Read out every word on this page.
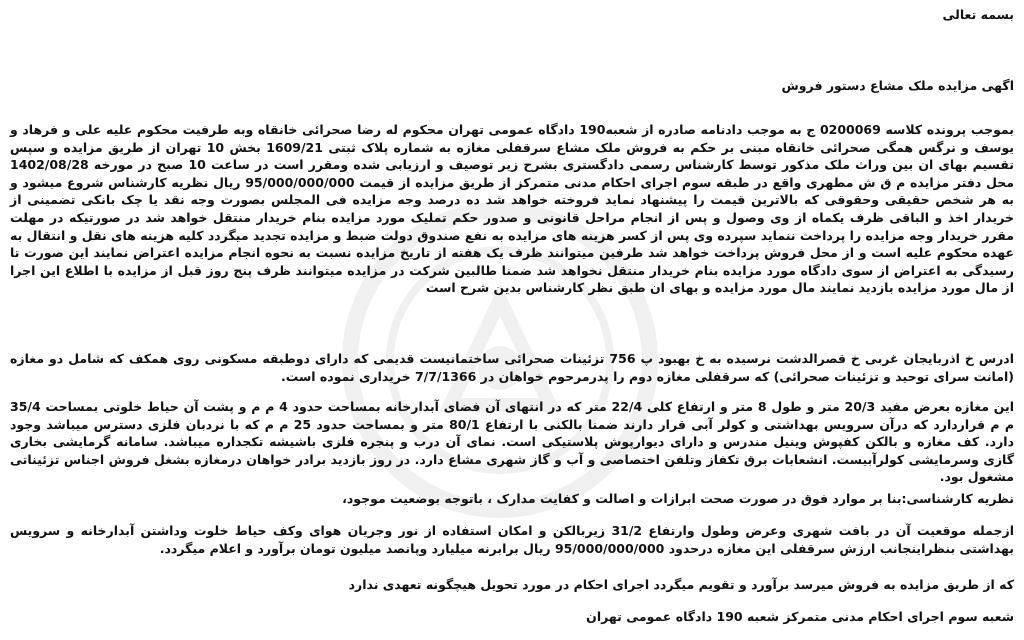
بسمه تعالی
اگهی مزایده ملک مشاع دستور فروش
بموجب پرونده کلاسه 0200069 ج به موجب دادنامه صادره از شعبه190 دادگاه عمومی تهران محکوم له رضا صحرائی خانقاه وبه طرفیت محکوم علیه علی و فرهاد و یوسف و نرگس همگی صحرائی خانقاه مبنی بر حکم به فروش ملک مشاع سرقفلی مغازه به شماره پلاک ثبتی 1609/21 بخش 10 تهران از طریق مزایده و سپس تقسیم بهای ان بین وراث ملک مذکور توسط کارشناس رسمی دادگستری بشرح زیر توصیف و ارزیابی شده ومقرر است در ساعت 10 صبح در مورخه 1402/08/28 محل دفتر مزایده م ق ش مطهری واقع در طبقه سوم اجرای احکام مدنی متمرکز از طریق مزایده از قیمت 95/000/000/000 ریال نظریه کارشناس شروع میشود و به هر شخص حقیقی وحقوقی که بالاترین قیمت را پیشنهاد نماید فروخته خواهد شد ده درصد وجه مزایده فی المجلس بصورت وجه نقد یا چک بانکی تضمینی از خریدار اخذ و الباقی ظرف یکماه از وی وصول و پس از انجام مراحل قانونی و صدور حکم تملیک مورد مزایده بنام خریدار منتقل خواهد شد در صورتیکه در مهلت مقرر خریدار وجه مزایده را پرداخت ننماید سپرده وی پس از کسر هزینه های مزایده به نفع صندوق دولت ضبط و مزایده تجدید میگردد کلیه هزینه های نقل و انتقال به عهده محکوم علیه است و از محل فروش پرداخت خواهد شد طرفین میتوانند ظرف یک هفته از تاریخ مزایده نسبت به نحوه انجام مزایده اعتراض نمایند این صورت تا رسیدگی به اعتراض از سوی دادگاه مورد مزایده بنام خریدار منتقل نخواهد شد ضمنا طالبین شرکت در مزایده میتوانند ظرف پنج روز قبل از مزایده با اطلاع این اجرا از مال مورد مزایده بازدید نمایند مال مورد مزایده و بهای ان طبق نظر کارشناس بدین شرح است
ادرس خ اذربایجان غربی خ قصرالدشت نرسیده به خ بهبود پ 756 تزئینات صحرائی ساختمانیست قدیمی که دارای دوطبقه مسکونی روی همکف که شامل دو مغازه (امانت سرای توحید و تزئینات صحرائی) که سرقفلی مغازه دوم را پدرمرحوم خواهان در 7/7/1366 خریداری نموده است.
این مغازه بعرض مفید 20/3 متر و طول 8 متر و ارتفاع کلی 22/4 متر که در انتهای آن فضای آبدارخانه بمساحت حدود 4 م م و پشت آن حیاط خلوتی بمساحت 35/4 م م قراردارد که درآن سرویس بهداشتی و کولر آبی قرار دارند ضمنا بالکنی با ارتفاع 80/1 متر و بمساحت حدود 25 م م که با نردبان فلزی دسترس میباشد وجود دارد. کف مغازه و بالکن کفپوش وینیل مندرس و دارای دیوارپوش پلاستیکی است. نمای آن درب و پنجره فلزی باشیشه تکجداره میباشد. سامانه گرمایشی بخاری گازی وسرمایشی کولرآبیست. انشعابات برق تکفاز وتلفن اختصاصی و آب و گاز شهری مشاع دارد. در روز بازدید برادر خواهان درمغازه بشغل فروش اجناس تزئیناتی مشغول بود.
نظریه کارشناسی:بنا بر موارد فوق در صورت صحت ابرازات و اصالت و کفایت مدارک ، باتوجه بوضعیت موجود،
ازجمله موقعیت آن در بافت شهری وعرض وطول وارتفاع 31/2 زیربالکن و امکان استفاده از نور وجریان هوای وکف حیاط خلوت وداشتن آبدارخانه و سرویس بهداشتی بنظراینجانب ارزش سرقفلی این مغازه درحدود 95/000/000/000 ریال برابرنه میلیارد وپانصد میلیون تومان برآورد و اعلام میگردد.
که از طریق مزایده به فروش میرسد برآورد و تقویم میگردد اجرای احکام در مورد تحویل هیچگونه تعهدی ندارد
شعبه سوم اجرای احکام مدنی متمرکز شعبه 190 دادگاه عمومی تهران
